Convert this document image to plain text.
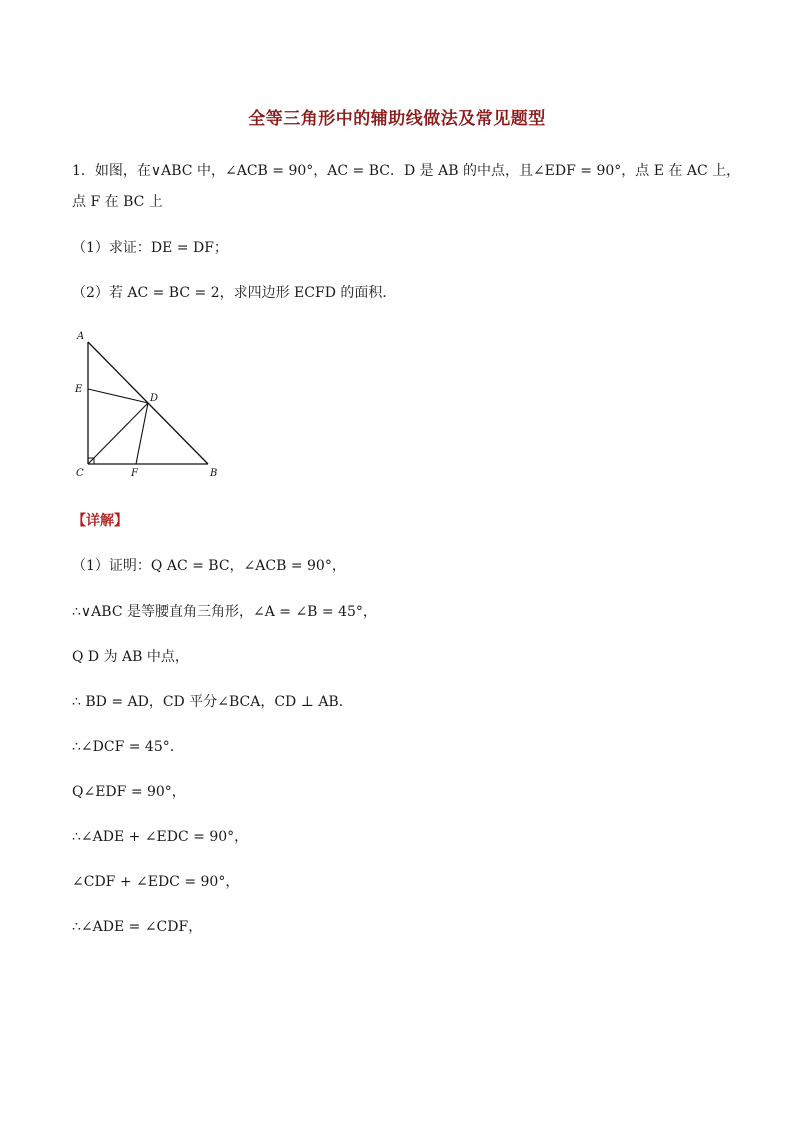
全等三角形中的辅助线做法及常见题型
1．如图，在∨ABC 中，∠ACB = 90°，AC = BC．D 是 AB 的中点，且∠EDF = 90°，点 E 在 AC 上，
点 F 在 BC 上
（1）求证：DE = DF；
（2）若 AC = BC = 2，求四边形 ECFD 的面积．
A
E
D
C	F	B
【详解】
（1）证明：Q AC = BC，∠ACB = 90°，
∴∨ABC 是等腰直角三角形，∠A = ∠B = 45°，
Q D 为 AB 中点，
∴ BD = AD，CD 平分∠BCA，CD ⊥ AB．
∴∠DCF = 45°．
Q∠EDF = 90°，
∴∠ADE + ∠EDC = 90°，
∠CDF + ∠EDC = 90°，
∴∠ADE = ∠CDF，
